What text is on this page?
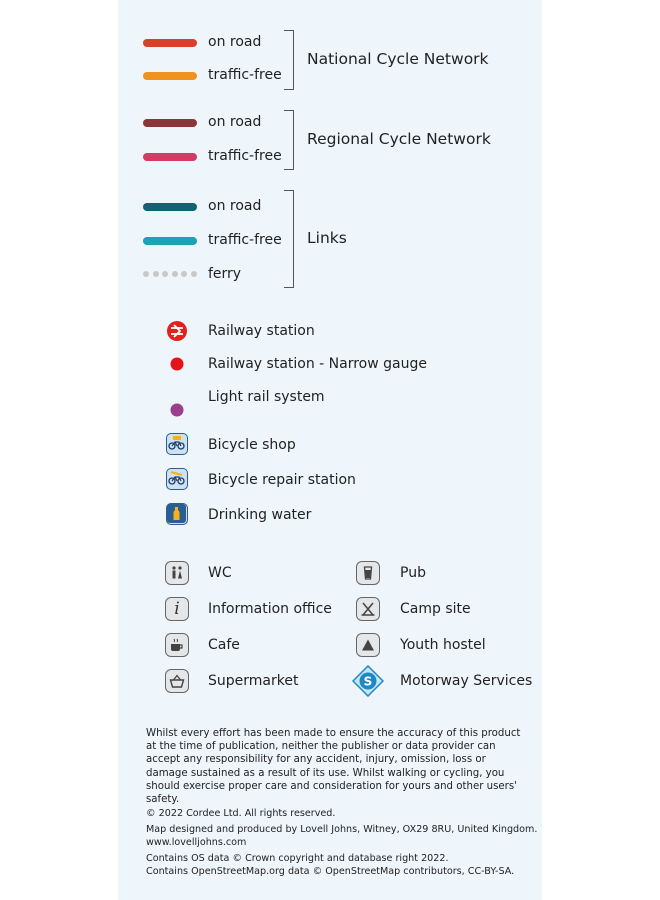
on road
traffic-free
National Cycle Network
on road
traffic-free
Regional Cycle Network
on road
traffic-free
ferry
Links
Railway station
Railway station - Narrow gauge
Light rail system
Bicycle shop
Bicycle repair station
Drinking water
WC
i Information office
Cafe
Supermarket
Pub
Camp site
Youth hostel
S Motorway Services
Whilst every effort has been made to ensure the accuracy of this product at the time of publication, neither the publisher or data provider can accept any responsibility for any accident, injury, omission, loss or damage sustained as a result of its use. Whilst walking or cycling, you should exercise proper care and consideration for yours and other users' safety.
© 2022 Cordee Ltd. All rights reserved.
Map designed and produced by Lovell Johns, Witney, OX29 8RU, United Kingdom.
www.lovelljohns.com
Contains OS data © Crown copyright and database right 2022.
Contains OpenStreetMap.org data © OpenStreetMap contributors, CC-BY-SA.
